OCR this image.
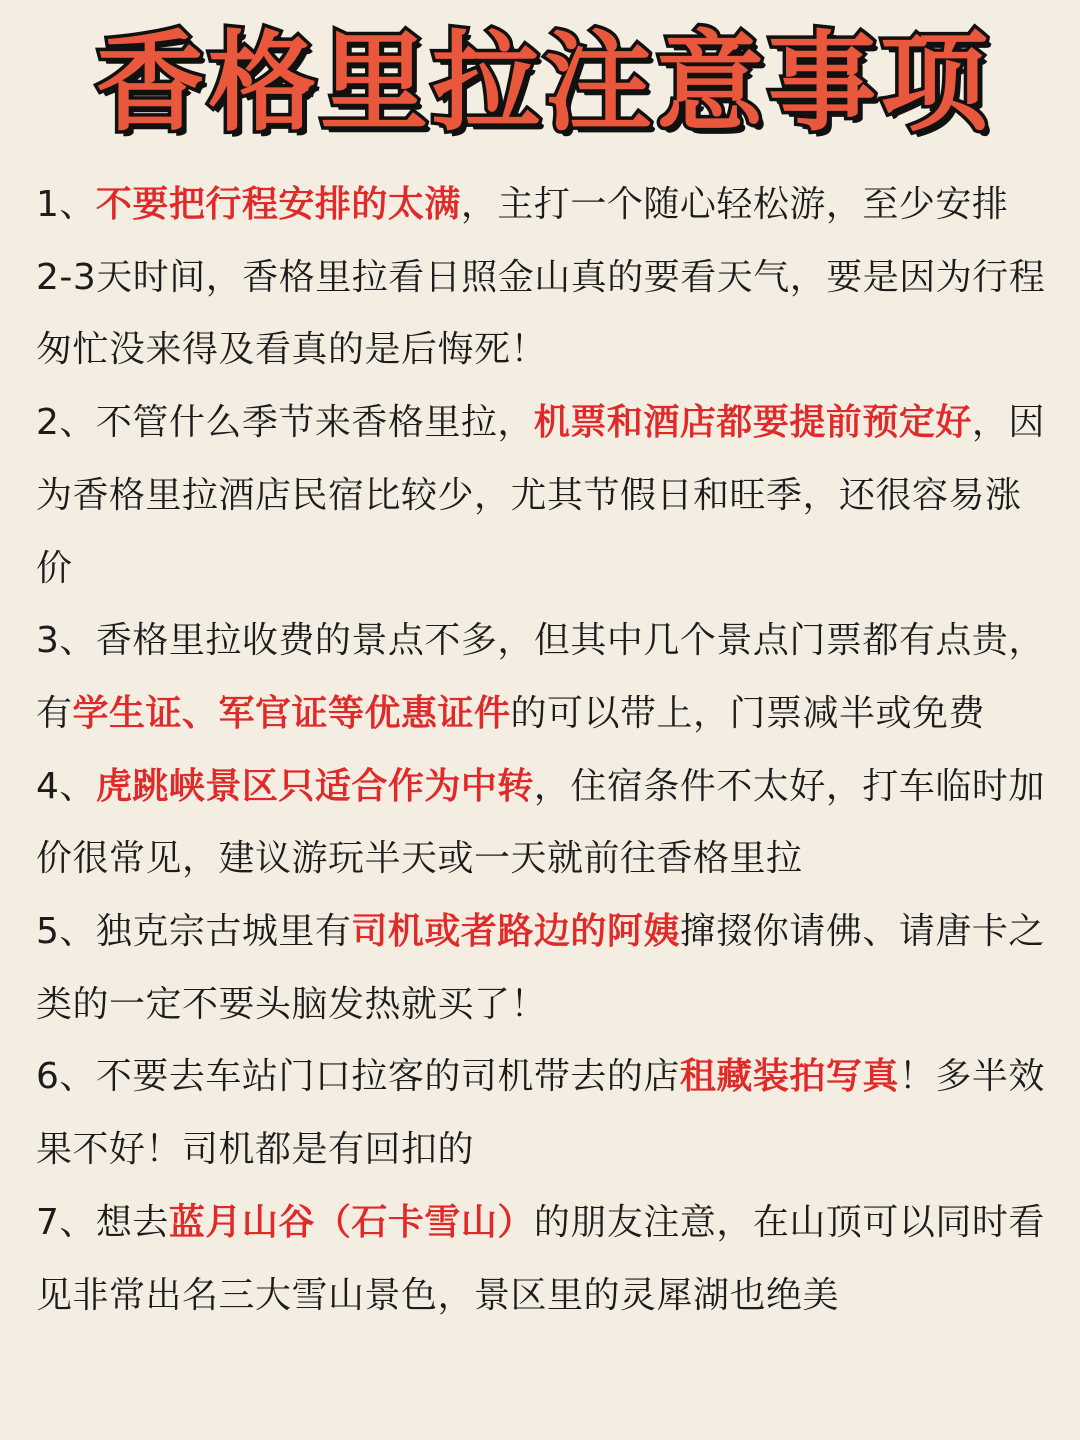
香格里拉注意事项
1、不要把行程安排的太满，主打一个随心轻松游，至少安排 2-3天时间，香格里拉看日照金山真的要看天气，要是因为行程匆忙没来得及看真的是后悔死！
2、不管什么季节来香格里拉，机票和酒店都要提前预定好，因为香格里拉酒店民宿比较少，尤其节假日和旺季，还很容易涨价
3、香格里拉收费的景点不多，但其中几个景点门票都有点贵，有学生证、军官证等优惠证件的可以带上，门票减半或免费
4、虎跳峡景区只适合作为中转，住宿条件不太好，打车临时加价很常见，建议游玩半天或一天就前往香格里拉
5、独克宗古城里有司机或者路边的阿姨撺掇你请佛、请唐卡之类的一定不要头脑发热就买了！
6、不要去车站门口拉客的司机带去的店租藏装拍写真！多半效果不好！司机都是有回扣的
7、想去蓝月山谷（石卡雪山）的朋友注意，在山顶可以同时看见非常出名三大雪山景色，景区里的灵犀湖也绝美
